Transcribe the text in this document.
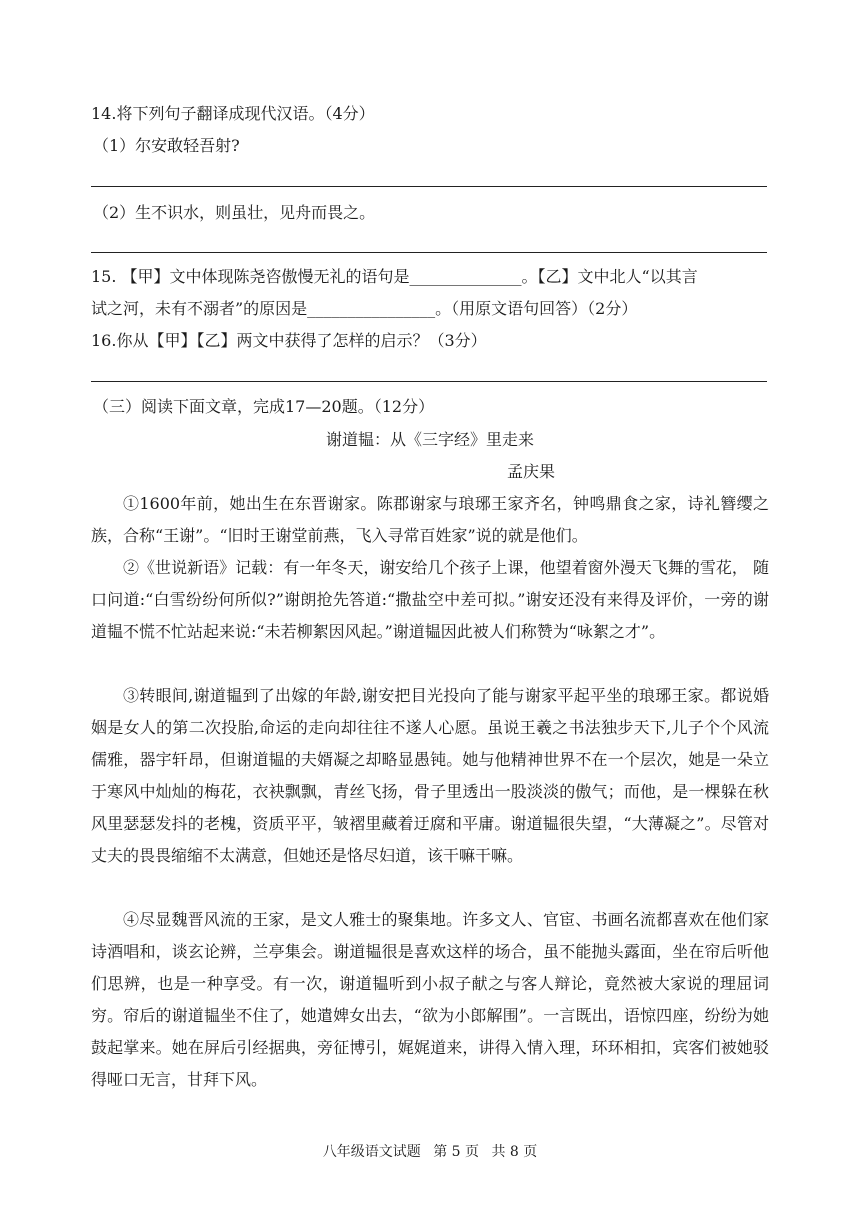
14.将下列句子翻译成现代汉语。（4分）
（1）尔安敢轻吾射?
（2）生不识水，则虽壮，见舟而畏之。
15. 【甲】文中体现陈尧咨傲慢无礼的语句是______________。【乙】文中北人“以其言
试之河，未有不溺者”的原因是________________。（用原文语句回答）（2分）
16.你从【甲】【乙】两文中获得了怎样的启示？（3分）
（三）阅读下面文章，完成17—20题。（12分）
谢道韫：从《三字经》里走来
孟庆果
①1600年前，她出生在东晋谢家。陈郡谢家与琅琊王家齐名，钟鸣鼎食之家，诗礼簪缨之族，合称“王谢”。“旧时王谢堂前燕，飞入寻常百姓家”说的就是他们。
②《世说新语》记载：有一年冬天，谢安给几个孩子上课，他望着窗外漫天飞舞的雪花， 随口问道:“白雪纷纷何所似?”谢朗抢先答道:“撒盐空中差可拟。”谢安还没有来得及评价，一旁的谢道韫不慌不忙站起来说:“未若柳絮因风起。”谢道韫因此被人们称赞为“咏絮之才”。
③转眼间,谢道韫到了出嫁的年龄,谢安把目光投向了能与谢家平起平坐的琅琊王家。都说婚姻是女人的第二次投胎,命运的走向却往往不遂人心愿。虽说王羲之书法独步天下,儿子个个风流儒雅，器宇轩昂，但谢道韫的夫婿凝之却略显愚钝。她与他精神世界不在一个层次，她是一朵立于寒风中灿灿的梅花，衣袂飘飘，青丝飞扬，骨子里透出一股淡淡的傲气；而他，是一棵躲在秋风里瑟瑟发抖的老槐，资质平平，皱褶里藏着迂腐和平庸。谢道韫很失望，“大薄凝之”。尽管对丈夫的畏畏缩缩不太满意，但她还是恪尽妇道，该干嘛干嘛。
④尽显魏晋风流的王家，是文人雅士的聚集地。许多文人、官宦、书画名流都喜欢在他们家诗酒唱和，谈玄论辨，兰亭集会。谢道韫很是喜欢这样的场合，虽不能抛头露面，坐在帘后听他们思辨，也是一种享受。有一次，谢道韫听到小叔子献之与客人辩论，竟然被大家说的理屈词穷。帘后的谢道韫坐不住了，她遣婢女出去，“欲为小郎解围”。一言既出，语惊四座，纷纷为她鼓起掌来。她在屏后引经据典，旁征博引，娓娓道来，讲得入情入理，环环相扣，宾客们被她驳得哑口无言，甘拜下风。
八年级语文试题 第 5 页 共 8 页
